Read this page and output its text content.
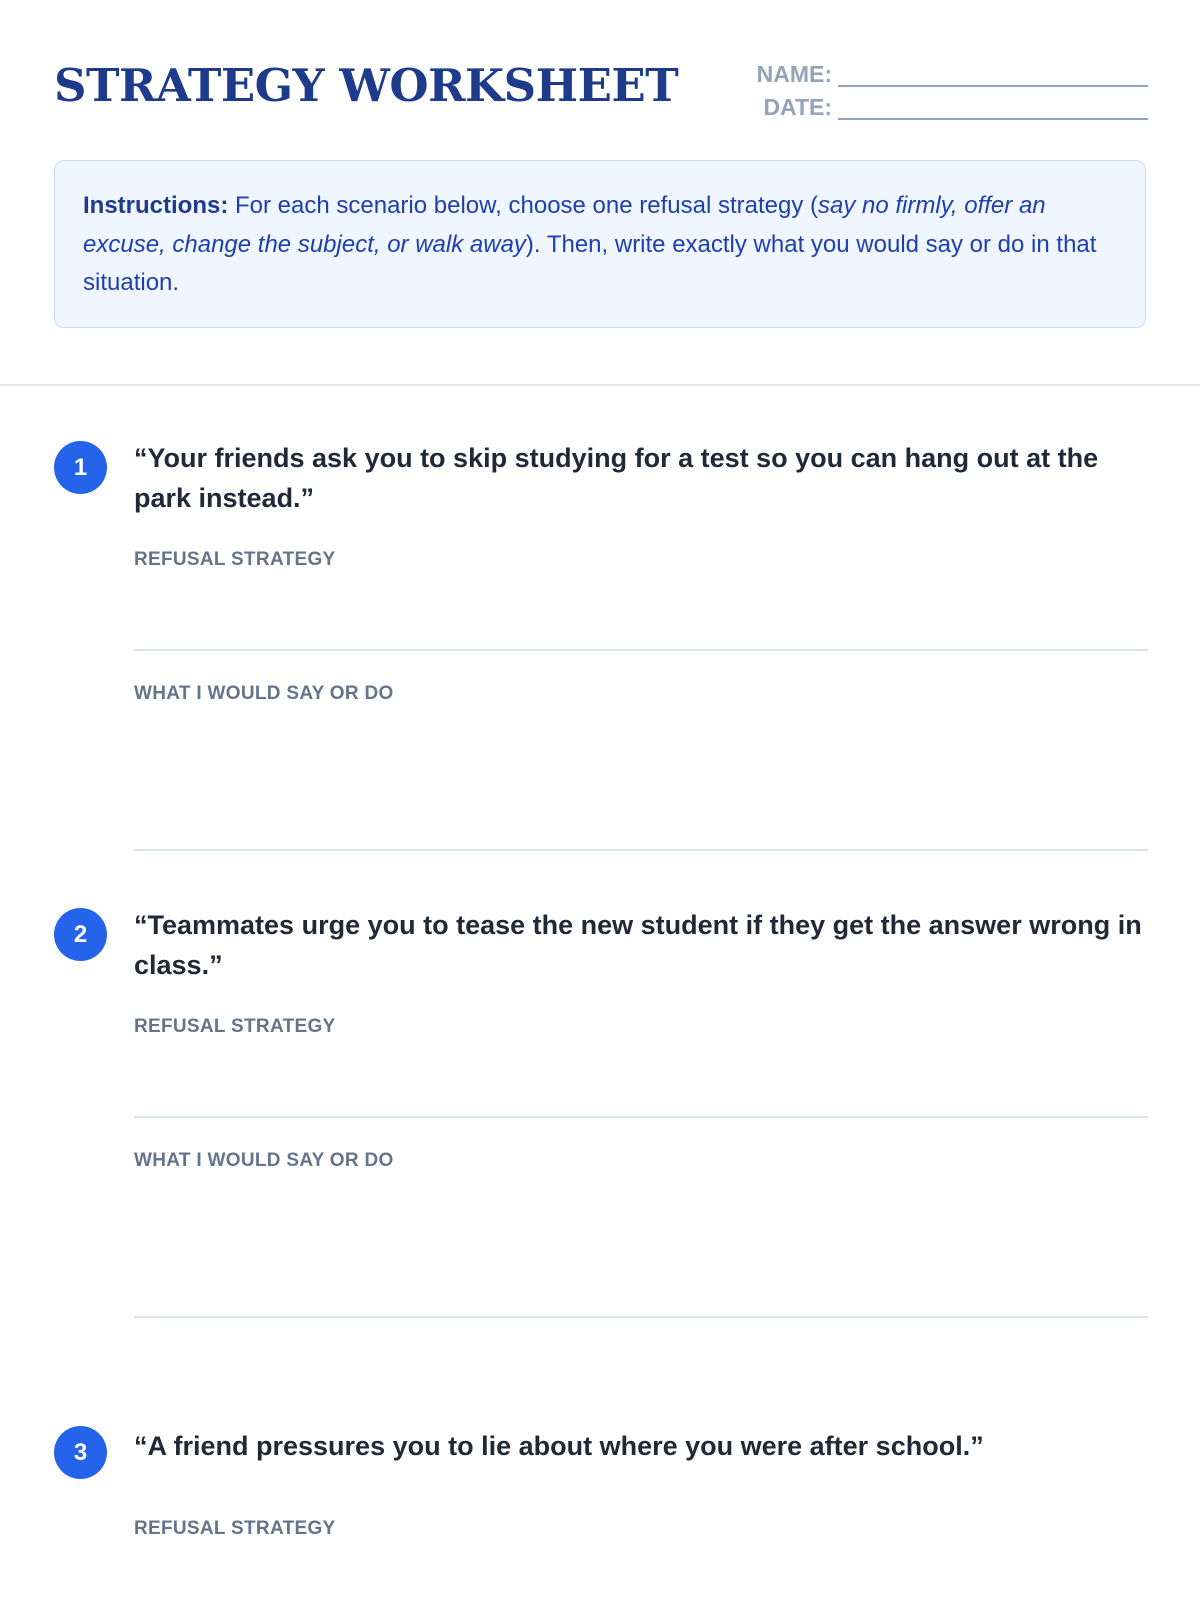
STRATEGY WORKSHEET	NAME:
DATE:
Instructions: For each scenario below, choose one refusal strategy (say no firmly, offer an excuse, change the subject, or walk away). Then, write exactly what you would say or do in that situation.
1	“Your friends ask you to skip studying for a test so you can hang out at the park instead.”

REFUSAL STRATEGY
WHAT I WOULD SAY OR DO
2	“Teammates urge you to tease the new student if they get the answer wrong in class.”

REFUSAL STRATEGY
WHAT I WOULD SAY OR DO
3	“A friend pressures you to lie about where you were after school.”

REFUSAL STRATEGY
